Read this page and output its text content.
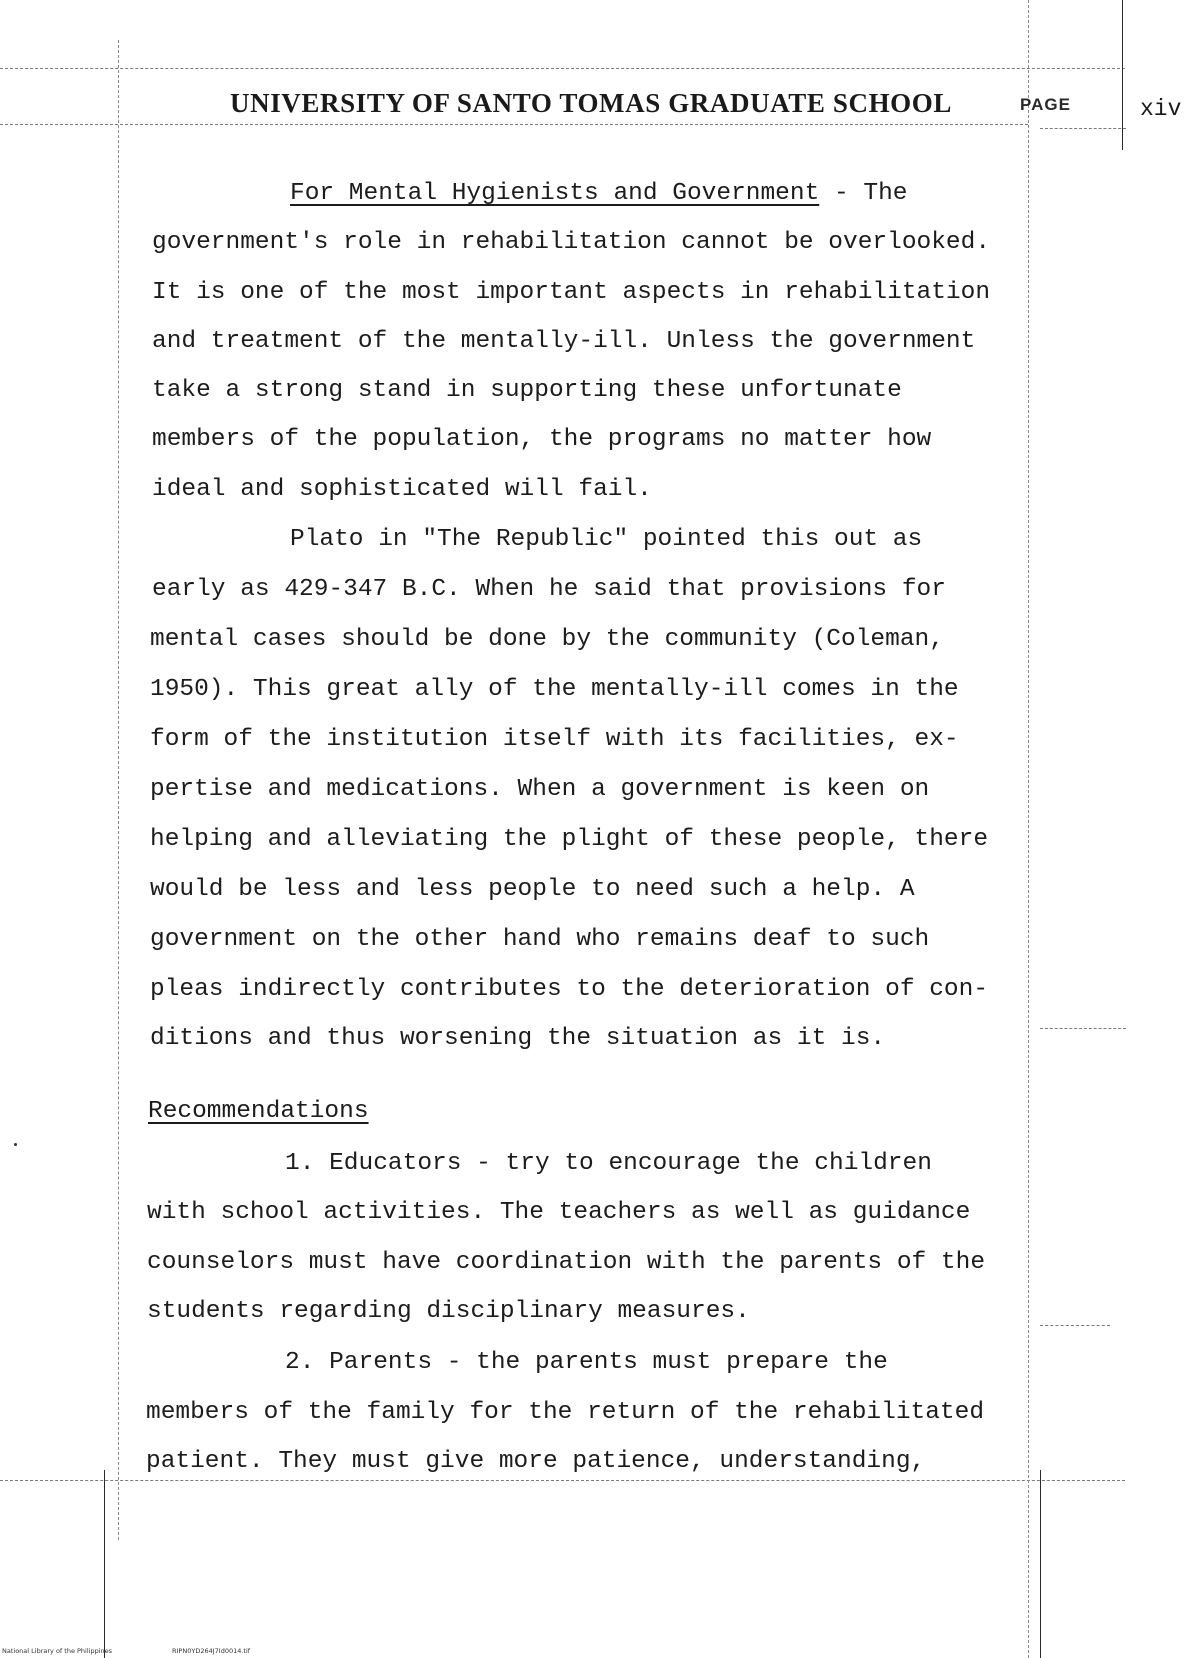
UNIVERSITY OF SANTO TOMAS GRADUATE SCHOOL	PAGE	xiv
For Mental Hygienists and Government - The
government's role in rehabilitation cannot be overlooked.
It is one of the most important aspects in rehabilitation
and treatment of the mentally-ill. Unless the government
take a strong stand in supporting these unfortunate
members of the population, the programs no matter how
ideal and sophisticated will fail.
Plato in "The Republic" pointed this out as
early as 429-347 B.C. When he said that provisions for
mental cases should be done by the community (Coleman,
1950). This great ally of the mentally-ill comes in the
form of the institution itself with its facilities, ex-
pertise and medications. When a government is keen on
helping and alleviating the plight of these people, there
would be less and less people to need such a help. A
government on the other hand who remains deaf to such
pleas indirectly contributes to the deterioration of con-
ditions and thus worsening the situation as it is.
Recommendations
1. Educators - try to encourage the children
with school activities. The teachers as well as guidance
counselors must have coordination with the parents of the
students regarding disciplinary measures.
2. Parents - the parents must prepare the
members of the family for the return of the rehabilitated
patient. They must give more patience, understanding,
National Library of the Philippines	RIPN0YD264J7Id0014.tif
